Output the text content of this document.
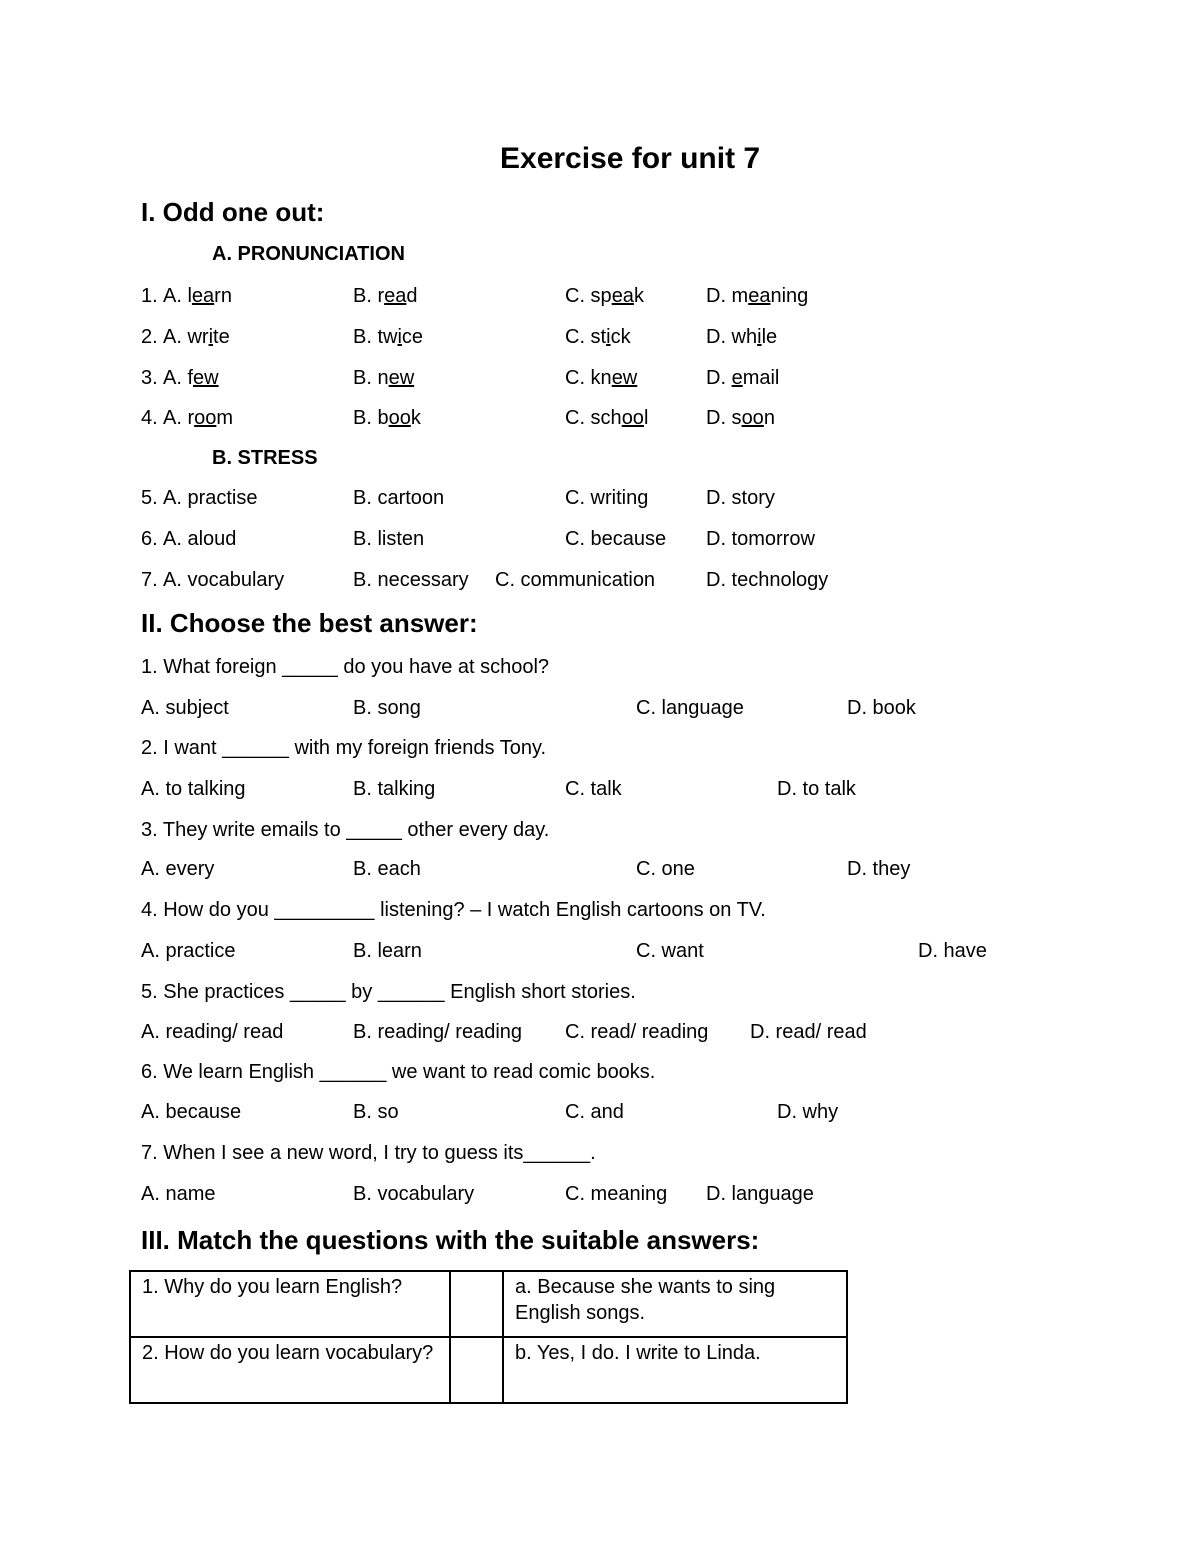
Exercise for unit 7
I. Odd one out:
A. PRONUNCIATION
1. A. learn	B. read	C. speak	D. meaning
2. A. write	B. twice	C. stick	D. while
3. A. few	B. new	C. knew	D. email
4. A. room	B. book	C. school	D. soon
B. STRESS
5. A. practise	B. cartoon	C. writing	D. story
6. A. aloud	B. listen	C. because D. tomorrow
7. A. vocabulary	B. necessary C. communication	D. technology
II. Choose the best answer:
1. What foreign _____ do you have at school?
A. subject	B. song	C. language	D. book
2. I want ______ with my foreign friends Tony.
A. to talking	B. talking	C. talk	D. to talk
3. They write emails to _____ other every day.
A. every	B. each	C. one	D. they
4. How do you _________ listening? – I watch English cartoons on TV.
A. practice	B. learn	C. want	D. have
5. She practices _____ by ______ English short stories.
A. reading/ read	B. reading/ reading C. read/ reading D. read/ read
6. We learn English ______ we want to read comic books.
A. because	B. so	C. and	D. why
7. When I see a new word, I try to guess its______.
A. name	B. vocabulary	C. meaning D. language
III. Match the questions with the suitable answers:
1. Why do you learn English?		a. Because she wants to sing English songs.
2. How do you learn vocabulary?		b. Yes, I do. I write to Linda.
